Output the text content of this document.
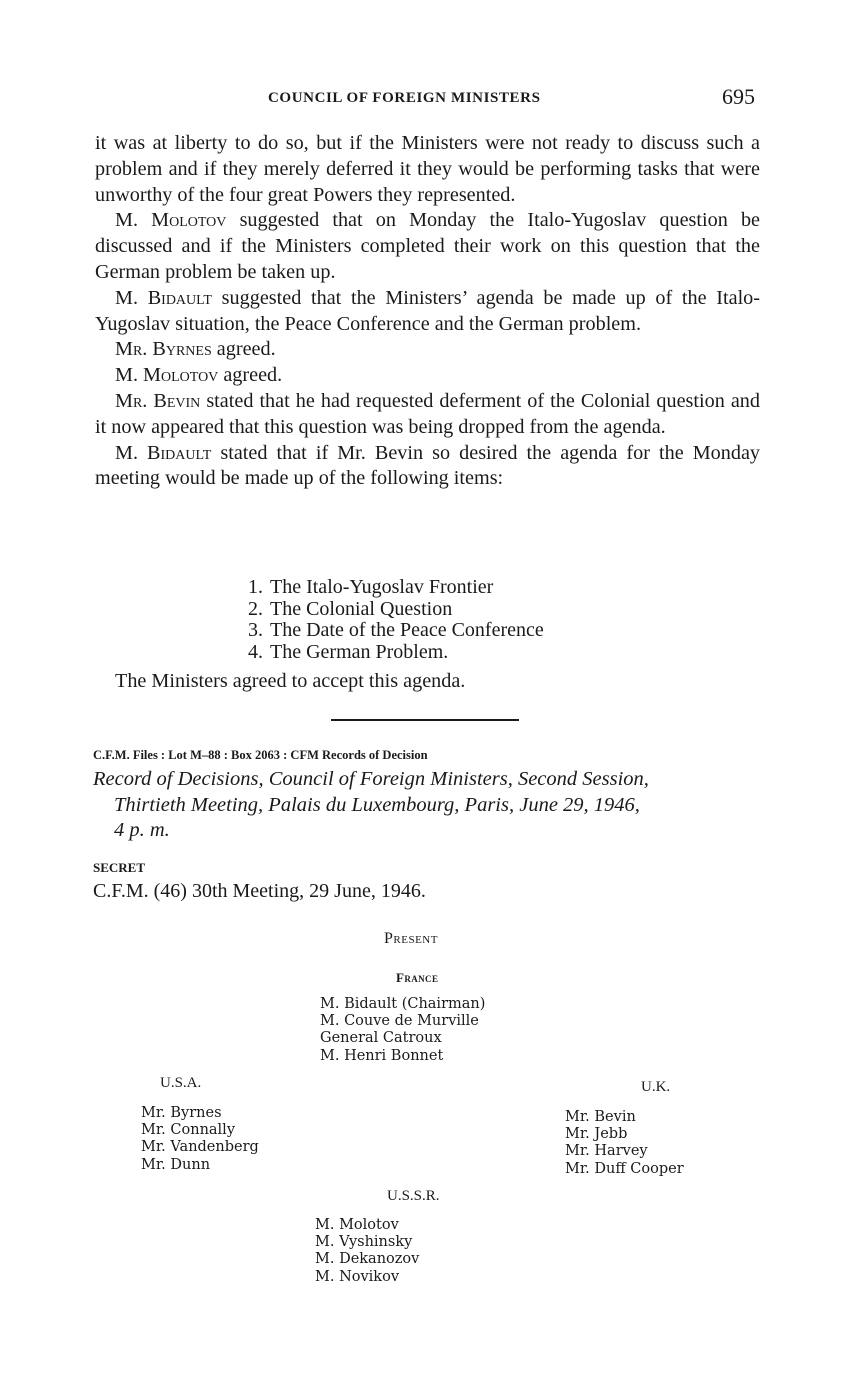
COUNCIL OF FOREIGN MINISTERS	695

it was at liberty to do so, but if the Ministers were not ready to discuss such a problem and if they merely deferred it they would be performing tasks that were unworthy of the four great Powers they represented.

M. Molotov suggested that on Monday the Italo-Yugoslav question be discussed and if the Ministers completed their work on this question that the German problem be taken up.

M. Bidault suggested that the Ministers’ agenda be made up of the Italo-Yugoslav situation, the Peace Conference and the German problem.

Mr. Byrnes agreed.

M. Molotov agreed.

Mr. Bevin stated that he had requested deferment of the Colonial question and it now appeared that this question was being dropped from the agenda.

M. Bidault stated that if Mr. Bevin so desired the agenda for the Monday meeting would be made up of the following items:

1. The Italo-Yugoslav Frontier
2. The Colonial Question
3. The Date of the Peace Conference
4. The German Problem.
The Ministers agreed to accept this agenda.
C.F.M. Files : Lot M–88 : Box 2063 : CFM Records of Decision
Record of Decisions, Council of Foreign Ministers, Second Session,
Thirtieth Meeting, Palais du Luxembourg, Paris, June 29, 1946,
4 p. m.
SECRET
C.F.M. (46) 30th Meeting, 29 June, 1946.
Present
France
M. Bidault (Chairman)
M. Couve de Murville
General Catroux
M. Henri Bonnet
U.S.A.
Mr. Byrnes
Mr. Connally
Mr. Vandenberg
Mr. Dunn
U.K.
Mr. Bevin
Mr. Jebb
Mr. Harvey
Mr. Duff Cooper
U.S.S.R.
M. Molotov
M. Vyshinsky
M. Dekanozov
M. Novikov
